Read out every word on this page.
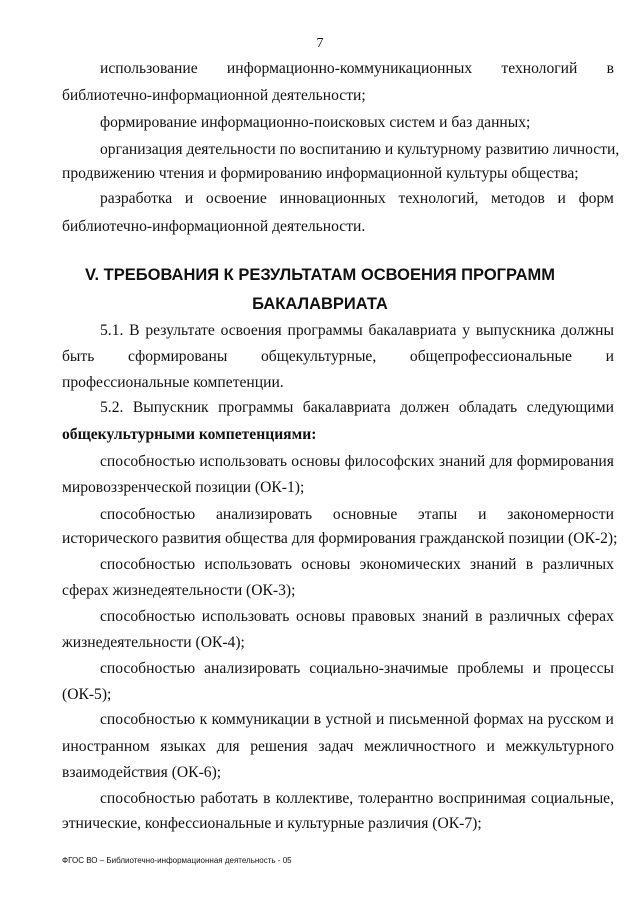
7
использование информационно-коммуникационных технологий в
библиотечно-информационной деятельности;
формирование информационно-поисковых систем и баз данных;
организация деятельности по воспитанию и культурному развитию личности,
продвижению чтения и формированию информационной культуры общества;
разработка и освоение инновационных технологий, методов и форм
библиотечно-информационной деятельности.
V. ТРЕБОВАНИЯ К РЕЗУЛЬТАТАМ ОСВОЕНИЯ ПРОГРАММ
БАКАЛАВРИАТА
5.1. В результате освоения программы бакалавриата у выпускника должны
быть сформированы общекультурные, общепрофессиональные и
профессиональные компетенции.
5.2. Выпускник программы бакалавриата должен обладать следующими
общекультурными компетенциями:
способностью использовать основы философских знаний для формирования
мировоззренческой позиции (ОК-1);
способностью анализировать основные этапы и закономерности
исторического развития общества для формирования гражданской позиции (ОК-2);
способностью использовать основы экономических знаний в различных
сферах жизнедеятельности (ОК-3);
способностью использовать основы правовых знаний в различных сферах
жизнедеятельности (ОК-4);
способностью анализировать социально-значимые проблемы и процессы
(ОК-5);
способностью к коммуникации в устной и письменной формах на русском и
иностранном языках для решения задач межличностного и межкультурного
взаимодействия (ОК-6);
способностью работать в коллективе, толерантно воспринимая социальные,
этнические, конфессиональные и культурные различия (ОК-7);
ФГОС ВО – Библиотечно-информационная деятельность - 05
